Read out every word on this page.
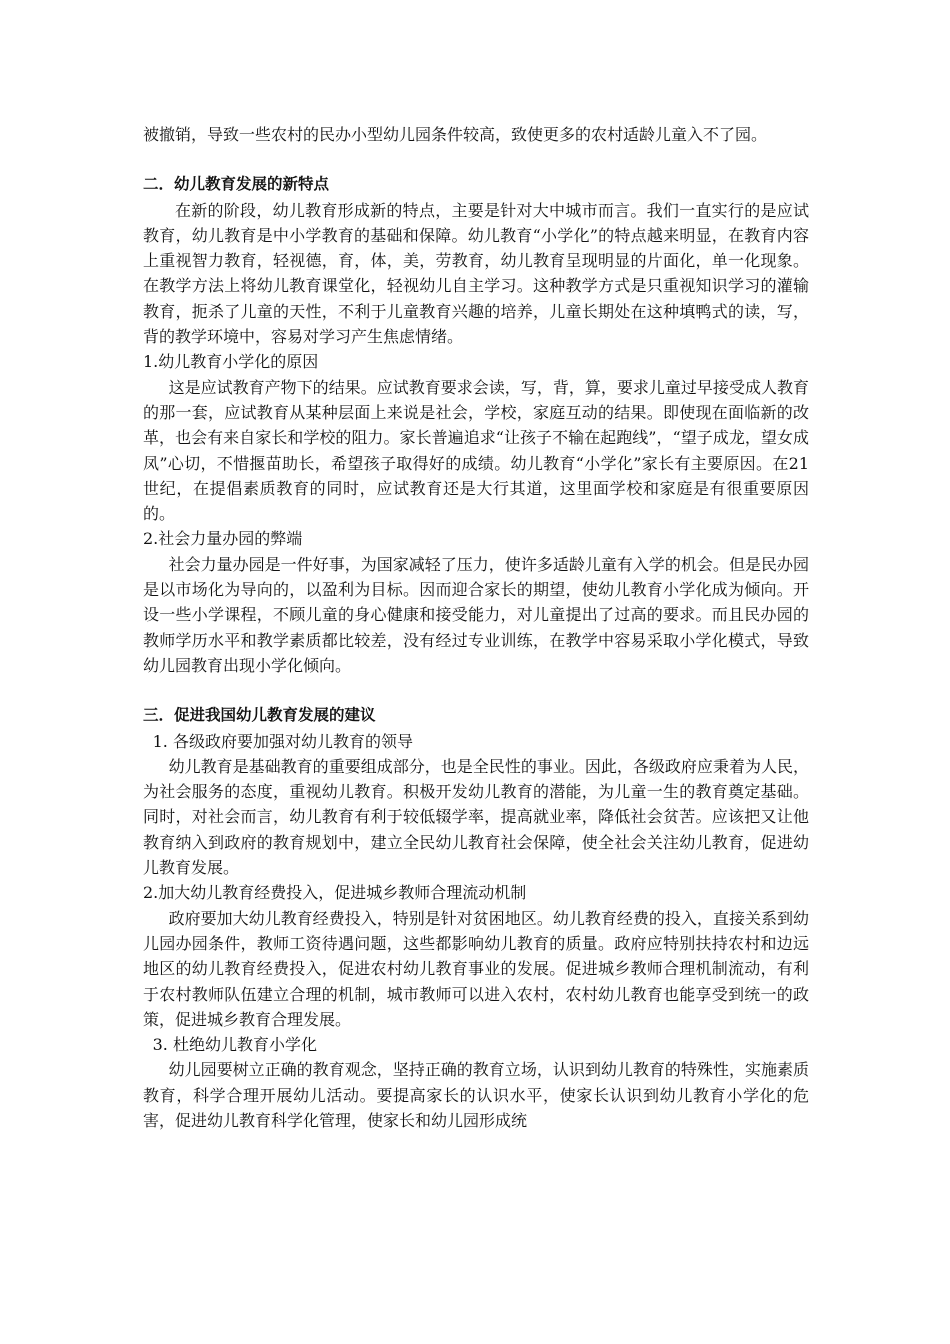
被撤销，导致一些农村的民办小型幼儿园条件较高，致使更多的农村适龄儿童入不了园。

二．幼儿教育发展的新特点

在新的阶段，幼儿教育形成新的特点，主要是针对大中城市而言。我们一直实行的是应试教育，幼儿教育是中小学教育的基础和保障。幼儿教育“小学化”的特点越来明显，在教育内容上重视智力教育，轻视德，育，体，美，劳教育，幼儿教育呈现明显的片面化，单一化现象。在教学方法上将幼儿教育课堂化，轻视幼儿自主学习。这种教学方式是只重视知识学习的灌输教育，扼杀了儿童的天性，不利于儿童教育兴趣的培养，儿童长期处在这种填鸭式的读，写，背的教学环境中，容易对学习产生焦虑情绪。

1.幼儿教育小学化的原因

这是应试教育产物下的结果。应试教育要求会读，写，背，算，要求儿童过早接受成人教育的那一套，应试教育从某种层面上来说是社会，学校，家庭互动的结果。即使现在面临新的改革，也会有来自家长和学校的阻力。家长普遍追求“让孩子不输在起跑线”，“望子成龙，望女成凤”心切，不惜揠苗助长，希望孩子取得好的成绩。幼儿教育“小学化”家长有主要原因。在21世纪，在提倡素质教育的同时，应试教育还是大行其道，这里面学校和家庭是有很重要原因的。

2.社会力量办园的弊端

社会力量办园是一件好事，为国家减轻了压力，使许多适龄儿童有入学的机会。但是民办园是以市场化为导向的，以盈利为目标。因而迎合家长的期望，使幼儿教育小学化成为倾向。开设一些小学课程，不顾儿童的身心健康和接受能力，对儿童提出了过高的要求。而且民办园的教师学历水平和教学素质都比较差，没有经过专业训练，在教学中容易采取小学化模式，导致幼儿园教育出现小学化倾向。

三．促进我国幼儿教育发展的建议

1. 各级政府要加强对幼儿教育的领导

幼儿教育是基础教育的重要组成部分，也是全民性的事业。因此，各级政府应秉着为人民，为社会服务的态度，重视幼儿教育。积极开发幼儿教育的潜能，为儿童一生的教育奠定基础。同时，对社会而言，幼儿教育有利于较低辍学率，提高就业率，降低社会贫苦。应该把又让他教育纳入到政府的教育规划中，建立全民幼儿教育社会保障，使全社会关注幼儿教育，促进幼儿教育发展。

2.加大幼儿教育经费投入，促进城乡教师合理流动机制

政府要加大幼儿教育经费投入，特别是针对贫困地区。幼儿教育经费的投入，直接关系到幼儿园办园条件，教师工资待遇问题，这些都影响幼儿教育的质量。政府应特别扶持农村和边远地区的幼儿教育经费投入，促进农村幼儿教育事业的发展。促进城乡教师合理机制流动，有利于农村教师队伍建立合理的机制，城市教师可以进入农村，农村幼儿教育也能享受到统一的政策，促进城乡教育合理发展。

3. 杜绝幼儿教育小学化

幼儿园要树立正确的教育观念，坚持正确的教育立场，认识到幼儿教育的特殊性，实施素质教育，科学合理开展幼儿活动。要提高家长的认识水平，使家长认识到幼儿教育小学化的危害，促进幼儿教育科学化管理，使家长和幼儿园形成统
